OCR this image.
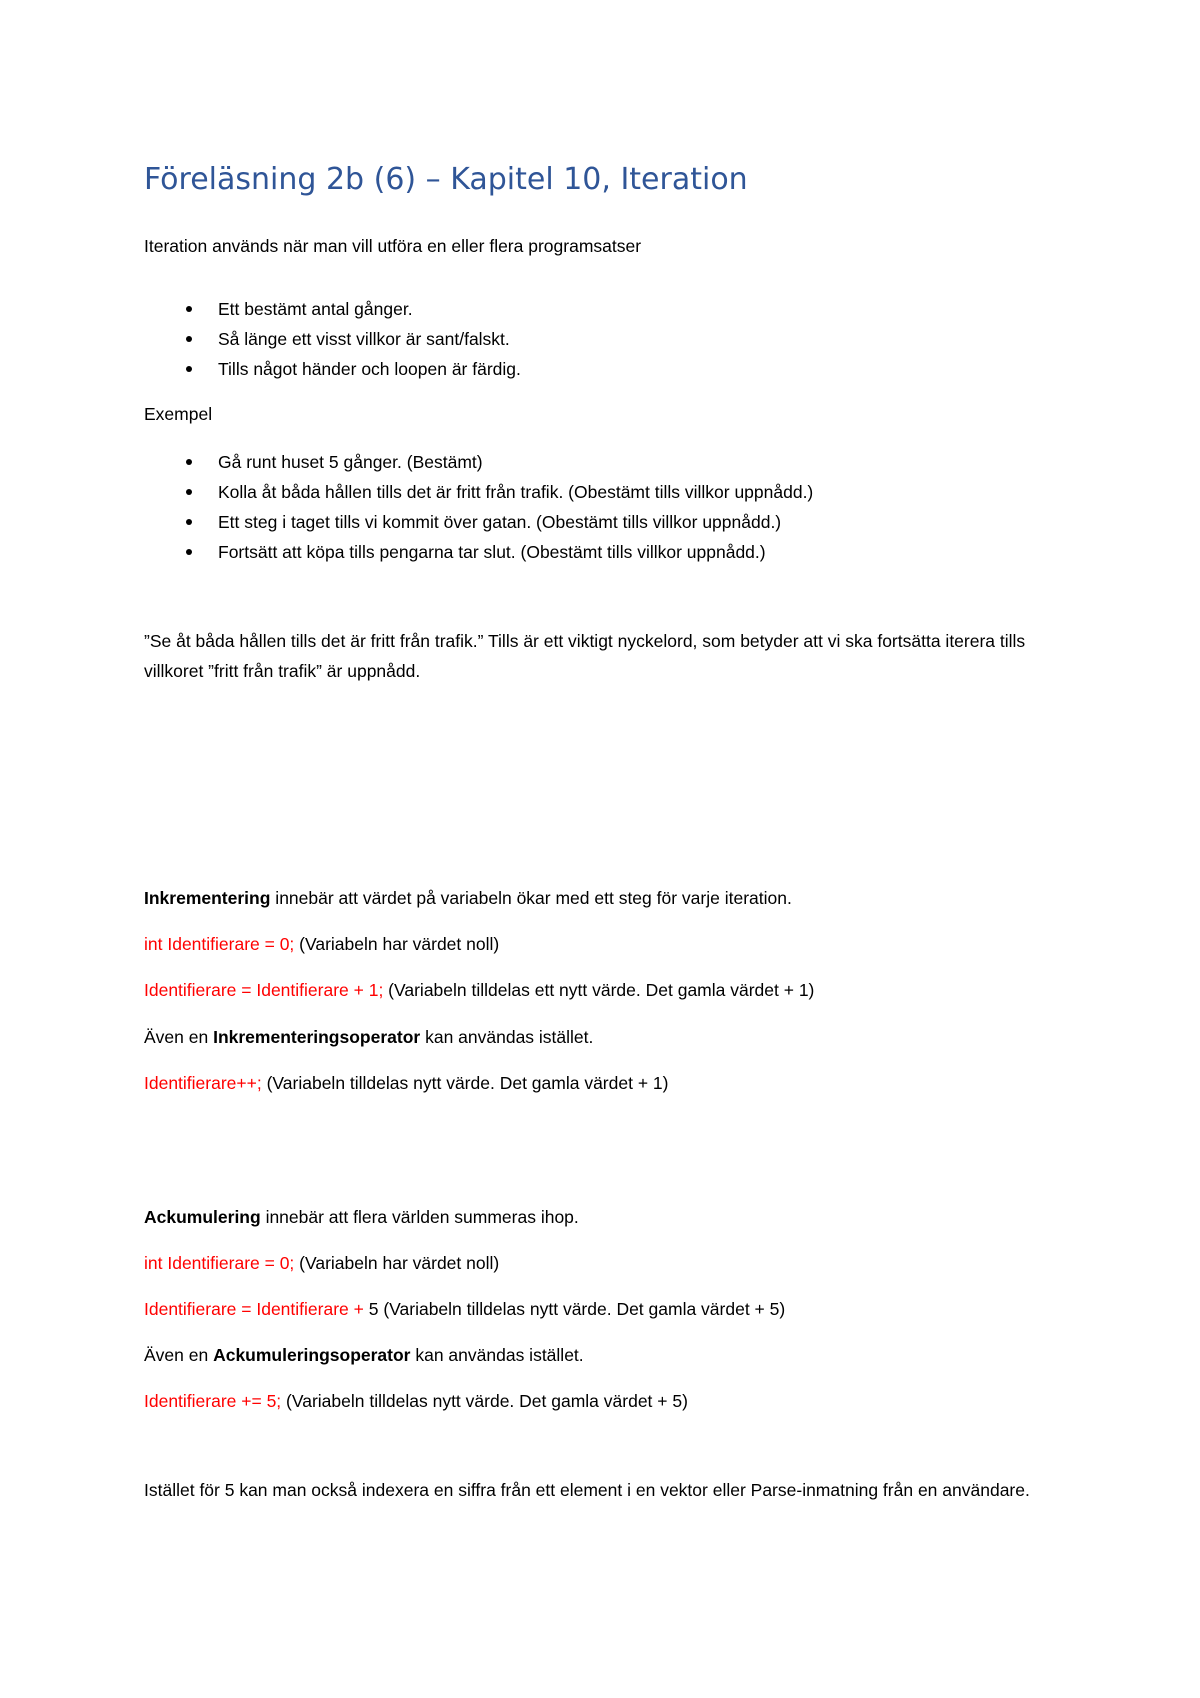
Föreläsning 2b (6) – Kapitel 10, Iteration

Iteration används när man vill utföra en eller flera programsatser

Ett bestämt antal gånger.
Så länge ett visst villkor är sant/falskt.
Tills något händer och loopen är färdig.

Exempel

Gå runt huset 5 gånger. (Bestämt)
Kolla åt båda hållen tills det är fritt från trafik. (Obestämt tills villkor uppnådd.)
Ett steg i taget tills vi kommit över gatan. (Obestämt tills villkor uppnådd.)
Fortsätt att köpa tills pengarna tar slut. (Obestämt tills villkor uppnådd.)

”Se åt båda hållen tills det är fritt från trafik.” Tills är ett viktigt nyckelord, som betyder att vi ska fortsätta iterera tills villkoret ”fritt från trafik” är uppnådd.

Inkrementering innebär att värdet på variabeln ökar med ett steg för varje iteration.

int Identifierare = 0; (Variabeln har värdet noll)

Identifierare = Identifierare + 1; (Variabeln tilldelas ett nytt värde. Det gamla värdet + 1)

Även en Inkrementeringsoperator kan användas istället.

Identifierare++; (Variabeln tilldelas nytt värde. Det gamla värdet + 1)

Ackumulering innebär att flera världen summeras ihop.

int Identifierare = 0; (Variabeln har värdet noll)

Identifierare = Identifierare + 5 (Variabeln tilldelas nytt värde. Det gamla värdet + 5)

Även en Ackumuleringsoperator kan användas istället.

Identifierare += 5; (Variabeln tilldelas nytt värde. Det gamla värdet + 5)

Istället för 5 kan man också indexera en siffra från ett element i en vektor eller Parse-inmatning från en användare.
